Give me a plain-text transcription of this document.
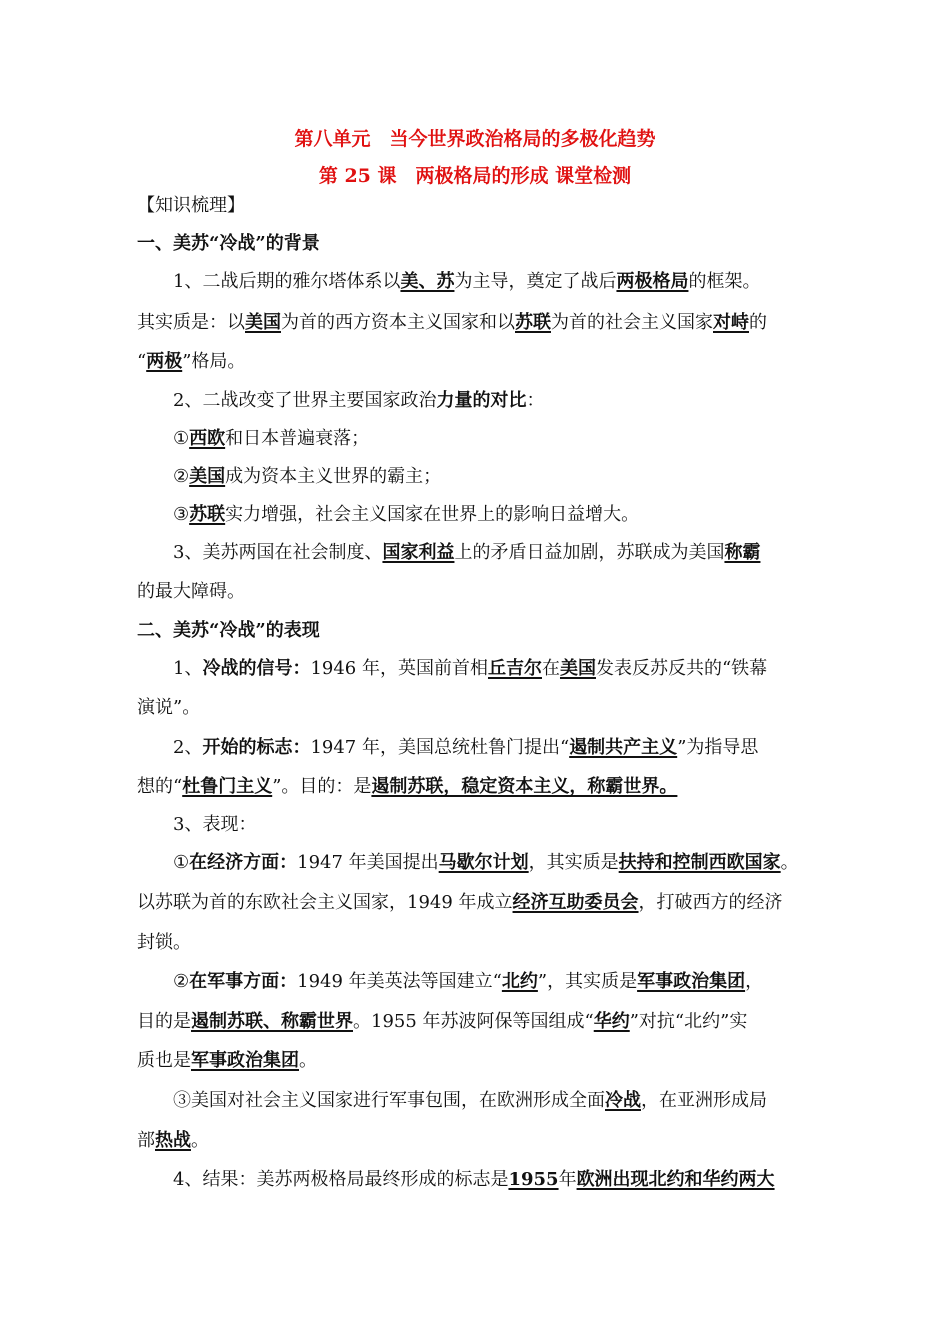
第八单元　当今世界政治格局的多极化趋势
第 25 课　两极格局的形成 课堂检测
【知识梳理】
一、美苏“冷战”的背景
1、二战后期的雅尔塔体系以美、苏为主导，奠定了战后两极格局的框架。
其实质是：以美国为首的西方资本主义国家和以苏联为首的社会主义国家对峙的
“两极”格局。
2、二战改变了世界主要国家政治力量的对比：
①西欧和日本普遍衰落；
②美国成为资本主义世界的霸主；
③苏联实力增强，社会主义国家在世界上的影响日益增大。
3、美苏两国在社会制度、国家利益上的矛盾日益加剧，苏联成为美国称霸
的最大障碍。
二、美苏“冷战”的表现
1、冷战的信号：1946 年，英国前首相丘吉尔在美国发表反苏反共的“铁幕
演说”。
2、开始的标志：1947 年，美国总统杜鲁门提出“遏制共产主义”为指导思
想的“杜鲁门主义”。目的：是遏制苏联，稳定资本主义，称霸世界。
3、表现：
①在经济方面：1947 年美国提出马歇尔计划，其实质是扶持和控制西欧国家。
以苏联为首的东欧社会主义国家，1949 年成立经济互助委员会，打破西方的经济
封锁。
②在军事方面：1949 年美英法等国建立“北约”，其实质是军事政治集团，
目的是遏制苏联、称霸世界。1955 年苏波阿保等国组成“华约”对抗“北约”实
质也是军事政治集团。
③美国对社会主义国家进行军事包围，在欧洲形成全面冷战，在亚洲形成局
部热战。
4、结果：美苏两极格局最终形成的标志是1955年欧洲出现北约和华约两大
